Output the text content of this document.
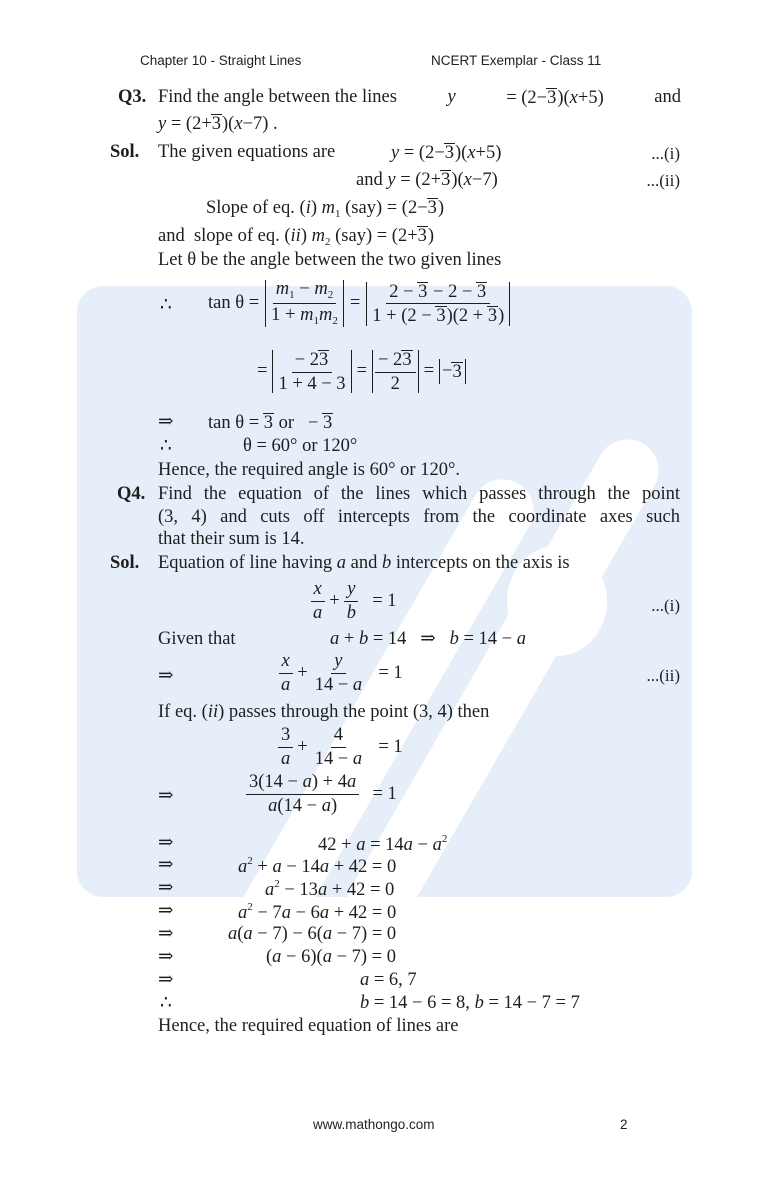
Chapter 10 - Straight Lines	NCERT Exemplar - Class 11
Q3. Find the angle between the lines	y	= (2−3)(x+5)	and
y = (2+3)(x−7) .
Sol. The given equations are	y = (2−3)(x+5)	...(i)
and y = (2+3)(x−7)	...(ii)
Slope of eq. (i) $m_1$ (say) = (2−3)
and  slope of eq. (ii) $m_2$ (say) = (2+3)
Let θ be the angle between the two given lines
∴ $\tan \theta = \frac{m_1 - m_2}{1 + m_1m_2} = \frac{2 - 3 - 2 - 3}{1 + (2 - 3)(2 + 3)}$
= $\frac{- 23}{1 + 4 - 3} = \frac{- 23}{2}$ = − 3
⇒ tan θ = 3 or   − 3
∴	θ = 60° or 120°
Hence, the required angle is 60° or 120°.
Q4. Find the equation of the lines which passes through the point
(3, 4) and cuts off intercepts from the coordinate axes such
that their sum is 14.
Sol. Equation of line having a and b intercepts on the axis is
$\frac{x}{a} + \frac{y}{b} = 1$	...(i)
Given that	a + b = 14   ⇒   b = 14 − a
⇒	$\frac{x}{a} + \frac{y}{14 - a} = 1$	...(ii)
If eq. (ii) passes through the point (3, 4) then
$\frac{3}{a} + \frac{4}{14 - a} = 1$
⇒	$\frac{3(14 - a) + 4a}{a(14 - a)} = 1$
⇒	$42 + a = 14a - a^2$
⇒	$a^2 + a - 14a + 42 = 0$
⇒	$a^2 - 13a + 42 = 0$
⇒	$a^2 - 7a - 6a + 42 = 0$
⇒	a(a − 7) − 6(a − 7) = 0
⇒	(a − 6)(a − 7) = 0
⇒	a = 6, 7
∴	b = 14 − 6 = 8, b = 14 − 7 = 7
Hence, the required equation of lines are
www.mathongo.com	2
